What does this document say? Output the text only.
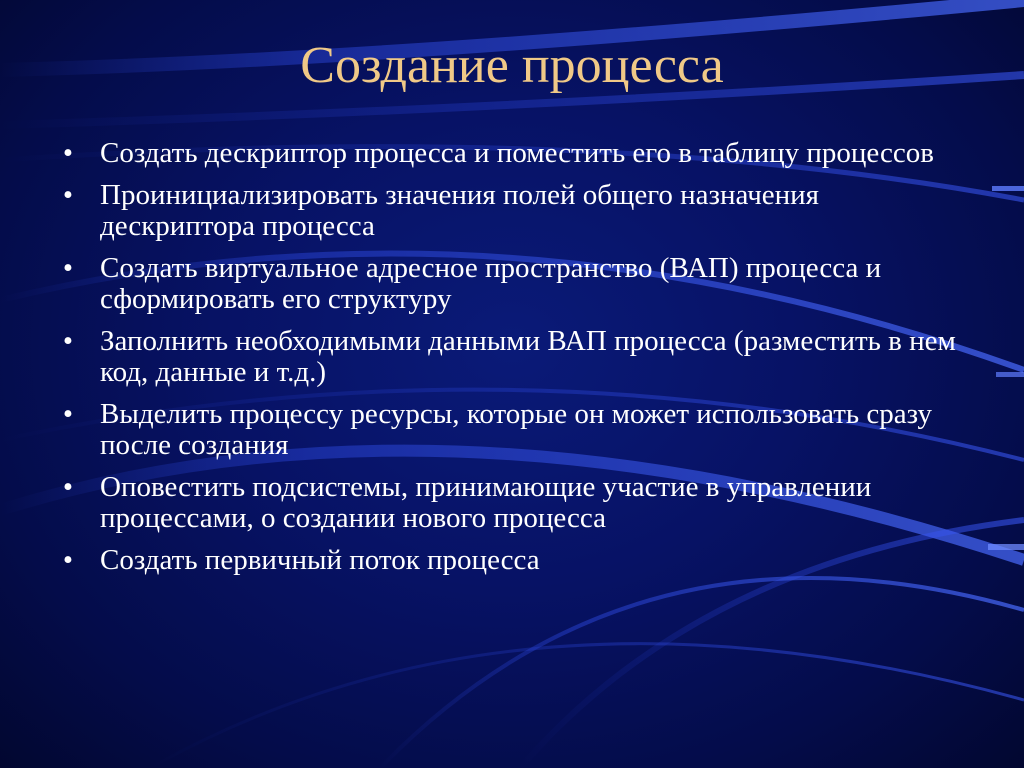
Создание процесса
• Создать дескриптор процесса и поместить его в таблицу процессов
• Проинициализировать значения полей общего назначения дескриптора процесса
• Создать виртуальное адресное пространство (ВАП) процесса и сформировать его структуру
• Заполнить необходимыми данными ВАП процесса (разместить в нем код, данные и т.д.)
• Выделить процессу ресурсы, которые он может использовать сразу после создания
• Оповестить подсистемы, принимающие участие в управлении процессами, о создании нового процесса
• Создать первичный поток процесса
